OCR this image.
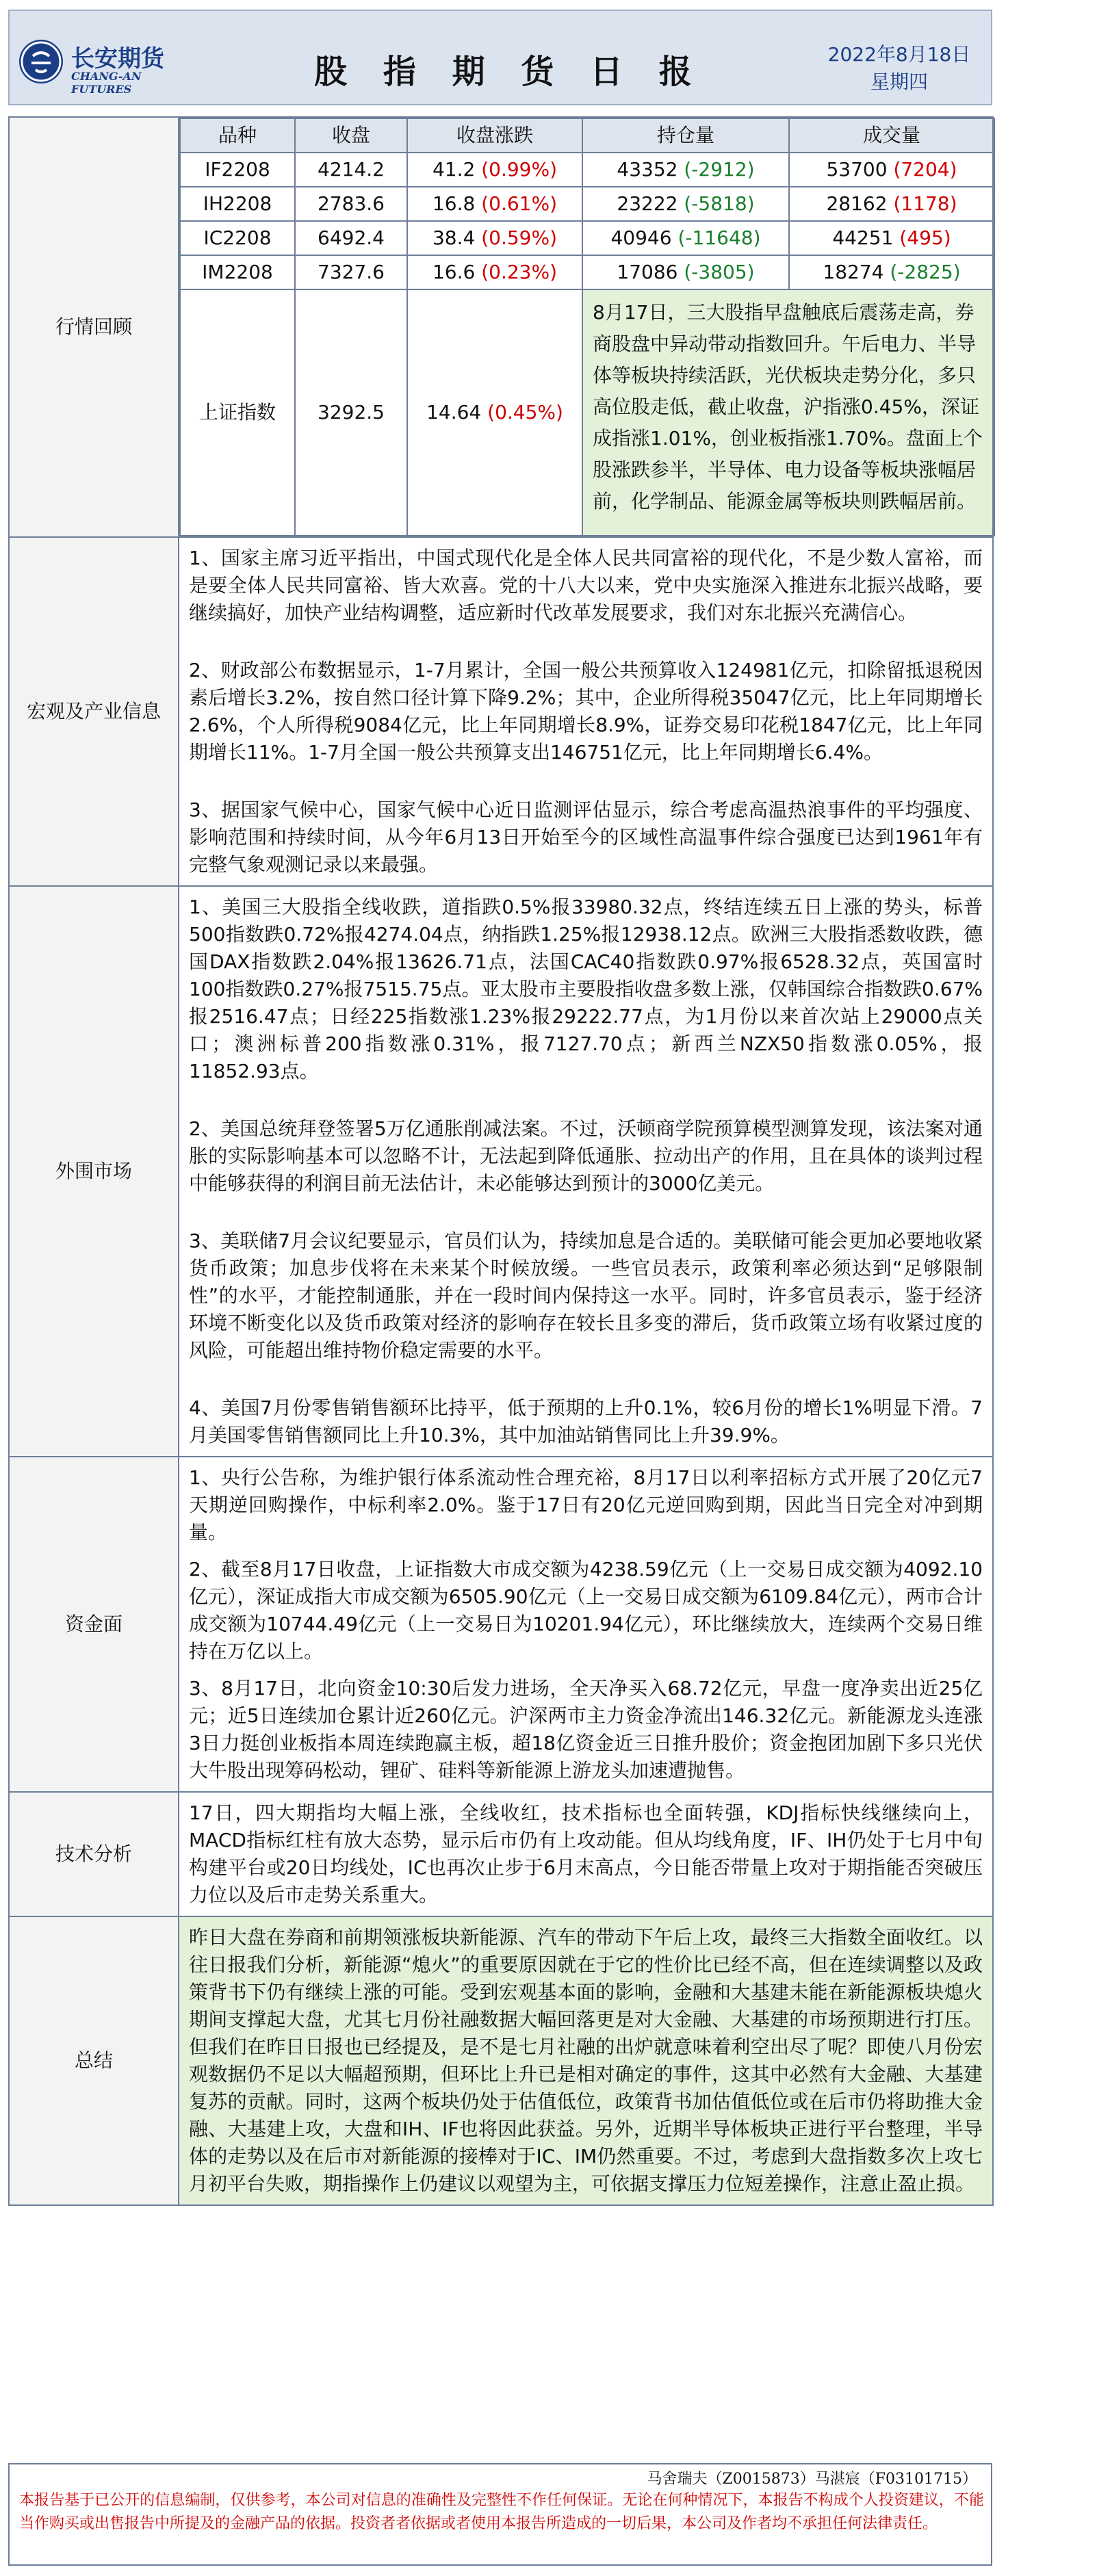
长安期货
CHANG-AN FUTURES	股 指 期 货 日 报	2022年8月18日
星期四
行情回顾	
品种	收盘	收盘涨跌	持仓量	成交量
IF2208	4214.2	41.2 (0.99%)	43352 (-2912)	53700 (7204)
IH2208	2783.6	16.8 (0.61%)	23222 (-5818)	28162 (1178)
IC2208	6492.4	38.4 (0.59%)	40946 (-11648)	44251 (495)
IM2208	7327.6	16.6 (0.23%)	17086 (-3805)	18274 (-2825)
上证指数	3292.5	14.64 (0.45%)	8月17日，三大股指早盘触底后震荡走高，券商股盘中异动带动指数回升。午后电力、半导体等板块持续活跃，光伏板块走势分化，多只高位股走低，截止收盘，沪指涨0.45%，深证成指涨1.01%，创业板指涨1.70%。盘面上个股涨跌参半，半导体、电力设备等板块涨幅居前，化学制品、能源金属等板块则跌幅居前。

宏观及产业信息	

1、国家主席习近平指出，中国式现代化是全体人民共同富裕的现代化，不是少数人富裕，而是要全体人民共同富裕、皆大欢喜。党的十八大以来，党中央实施深入推进东北振兴战略，要继续搞好，加快产业结构调整，适应新时代改革发展要求，我们对东北振兴充满信心。

2、财政部公布数据显示，1-7月累计，全国一般公共预算收入124981亿元，扣除留抵退税因素后增长3.2%，按自然口径计算下降9.2%；其中，企业所得税35047亿元，比上年同期增长2.6%，个人所得税9084亿元，比上年同期增长8.9%，证券交易印花税1847亿元，比上年同期增长11%。1-7月全国一般公共预算支出146751亿元，比上年同期增长6.4%。

3、据国家气候中心，国家气候中心近日监测评估显示，综合考虑高温热浪事件的平均强度、影响范围和持续时间，从今年6月13日开始至今的区域性高温事件综合强度已达到1961年有完整气象观测记录以来最强。

外围市场	

1、美国三大股指全线收跌，道指跌0.5%报33980.32点，终结连续五日上涨的势头，标普500指数跌0.72%报4274.04点，纳指跌1.25%报12938.12点。欧洲三大股指悉数收跌，德国DAX指数跌2.04%报13626.71点，法国CAC40指数跌0.97%报6528.32点，英国富时100指数跌0.27%报7515.75点。亚太股市主要股指收盘多数上涨，仅韩国综合指数跌0.67%报2516.47点；日经225指数涨1.23%报29222.77点，为1月份以来首次站上29000点关口；澳洲标普200指数涨0.31%，报7127.70点；新西兰NZX50指数涨0.05%，报11852.93点。

2、美国总统拜登签署5万亿通胀削减法案。不过，沃顿商学院预算模型测算发现，该法案对通胀的实际影响基本可以忽略不计，无法起到降低通胀、拉动出产的作用，且在具体的谈判过程中能够获得的利润目前无法估计，未必能够达到预计的3000亿美元。

3、美联储7月会议纪要显示，官员们认为，持续加息是合适的。美联储可能会更加必要地收紧货币政策；加息步伐将在未来某个时候放缓。一些官员表示，政策利率必须达到“足够限制性”的水平，才能控制通胀，并在一段时间内保持这一水平。同时，许多官员表示，鉴于经济环境不断变化以及货币政策对经济的影响存在较长且多变的滞后，货币政策立场有收紧过度的风险，可能超出维持物价稳定需要的水平。

4、美国7月份零售销售额环比持平，低于预期的上升0.1%，较6月份的增长1%明显下滑。7月美国零售销售额同比上升10.3%，其中加油站销售同比上升39.9%。

资金面	

1、央行公告称，为维护银行体系流动性合理充裕，8月17日以利率招标方式开展了20亿元7天期逆回购操作，中标利率2.0%。鉴于17日有20亿元逆回购到期，因此当日完全对冲到期量。

2、截至8月17日收盘，上证指数大市成交额为4238.59亿元（上一交易日成交额为4092.10亿元），深证成指大市成交额为6505.90亿元（上一交易日成交额为6109.84亿元），两市合计成交额为10744.49亿元（上一交易日为10201.94亿元），环比继续放大，连续两个交易日维持在万亿以上。

3、8月17日，北向资金10:30后发力进场，全天净买入68.72亿元，早盘一度净卖出近25亿元；近5日连续加仓累计近260亿元。沪深两市主力资金净流出146.32亿元。新能源龙头连涨3日力挺创业板指本周连续跑赢主板，超18亿资金近三日推升股价；资金抱团加剧下多只光伏大牛股出现筹码松动，锂矿、硅料等新能源上游龙头加速遭抛售。

技术分析	

17日，四大期指均大幅上涨，全线收红，技术指标也全面转强，KDJ指标快线继续向上，MACD指标红柱有放大态势，显示后市仍有上攻动能。但从均线角度，IF、IH仍处于七月中旬构建平台或20日均线处，IC也再次止步于6月末高点，今日能否带量上攻对于期指能否突破压力位以及后市走势关系重大。

总结	

昨日大盘在券商和前期领涨板块新能源、汽车的带动下午后上攻，最终三大指数全面收红。以往日报我们分析，新能源“熄火”的重要原因就在于它的性价比已经不高，但在连续调整以及政策背书下仍有继续上涨的可能。受到宏观基本面的影响，金融和大基建未能在新能源板块熄火期间支撑起大盘，尤其七月份社融数据大幅回落更是对大金融、大基建的市场预期进行打压。但我们在昨日日报也已经提及，是不是七月社融的出炉就意味着利空出尽了呢？即使八月份宏观数据仍不足以大幅超预期，但环比上升已是相对确定的事件，这其中必然有大金融、大基建复苏的贡献。同时，这两个板块仍处于估值低位，政策背书加估值低位或在后市仍将助推大金融、大基建上攻，大盘和IH、IF也将因此获益。另外，近期半导体板块正进行平台整理，半导体的走势以及在后市对新能源的接棒对于IC、IM仍然重要。不过，考虑到大盘指数多次上攻七月初平台失败，期指操作上仍建议以观望为主，可依据支撑压力位短差操作，注意止盈止损。

马舍瑞夫（Z0015873）马湛宸（F03101715）
本报告基于已公开的信息编制，仅供参考，本公司对信息的准确性及完整性不作任何保证。无论在何种情况下，本报告不构成个人投资建议，不能当作购买或出售报告中所提及的金融产品的依据。投资者者依据或者使用本报告所造成的一切后果，本公司及作者均不承担任何法律责任。
